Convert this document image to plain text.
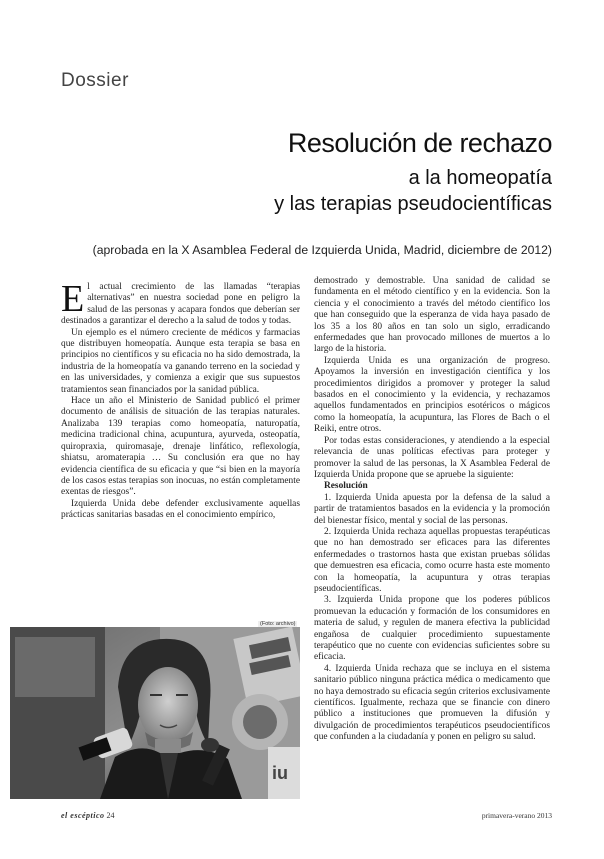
Dossier
Resolución de rechazo
a la homeopatía
y las terapias pseudocientíficas
(aprobada en la X Asamblea Federal de Izquierda Unida, Madrid, diciembre de 2012)

El actual crecimiento de las llamadas “terapias alternativas” en nuestra sociedad pone en peligro la salud de las personas y acapara fondos que deberían ser destinados a garantizar el derecho a la salud de todos y todas.

Un ejemplo es el número creciente de médicos y farmacias que distribuyen homeopatía. Aunque esta terapia se basa en principios no científicos y su eficacia no ha sido demostrada, la industria de la homeopatía va ganando terreno en la sociedad y en las universidades, y comienza a exigir que sus supuestos tratamientos sean financiados por la sanidad pública.

Hace un año el Ministerio de Sanidad publicó el primer documento de análisis de situación de las terapias naturales. Analizaba 139 terapias como homeopatía, naturopatía, medicina tradicional china, acupuntura, ayurveda, osteopatía, quiropraxia, quiromasaje, drenaje linfático, reflexología, shiatsu, aromaterapia … Su conclusión era que no hay evidencia científica de su eficacia y que “si bien en la mayoría de los casos estas terapias son inocuas, no están completamente exentas de riesgos”.

Izquierda Unida debe defender exclusivamente aquellas prácticas sanitarias basadas en el conocimiento empírico,

(Foto: archivo)
iu

demostrado y demostrable. Una sanidad de calidad se fundamenta en el método científico y en la evidencia. Son la ciencia y el conocimiento a través del método científico los que han conseguido que la esperanza de vida haya pasado de los 35 a los 80 años en tan solo un siglo, erradicando enfermedades que han provocado millones de muertos a lo largo de la historia.

Izquierda Unida es una organización de progreso. Apoyamos la inversión en investigación científica y los procedimientos dirigidos a promover y proteger la salud basados en el conocimiento y la evidencia, y rechazamos aquellos fundamentados en principios esotéricos o mágicos como la homeopatía, la acupuntura, las Flores de Bach o el Reiki, entre otros.

Por todas estas consideraciones, y atendiendo a la especial relevancia de unas políticas efectivas para proteger y promover la salud de las personas, la X Asamblea Federal de Izquierda Unida propone que se apruebe la siguiente:

Resolución

1. Izquierda Unida apuesta por la defensa de la salud a partir de tratamientos basados en la evidencia y la promoción del bienestar físico, mental y social de las personas.

2. Izquierda Unida rechaza aquellas propuestas terapéuticas que no han demostrado ser eficaces para las diferentes enfermedades o trastornos hasta que existan pruebas sólidas que demuestren esa eficacia, como ocurre hasta este momento con la homeopatía, la acupuntura y otras terapias pseudocientíficas.

3. Izquierda Unida propone que los poderes públicos promuevan la educación y formación de los consumidores en materia de salud, y regulen de manera efectiva la publicidad engañosa de cualquier procedimiento supuestamente terapéutico que no cuente con evidencias suficientes sobre su eficacia.

4. Izquierda Unida rechaza que se incluya en el sistema sanitario público ninguna práctica médica o medicamento que no haya demostrado su eficacia según criterios exclusivamente científicos. Igualmente, rechaza que se financie con dinero público a instituciones que promueven la difusión y divulgación de procedimientos terapéuticos pseudocientíficos que confunden a la ciudadanía y ponen en peligro su salud.

el escéptico 24	primavera-verano 2013
